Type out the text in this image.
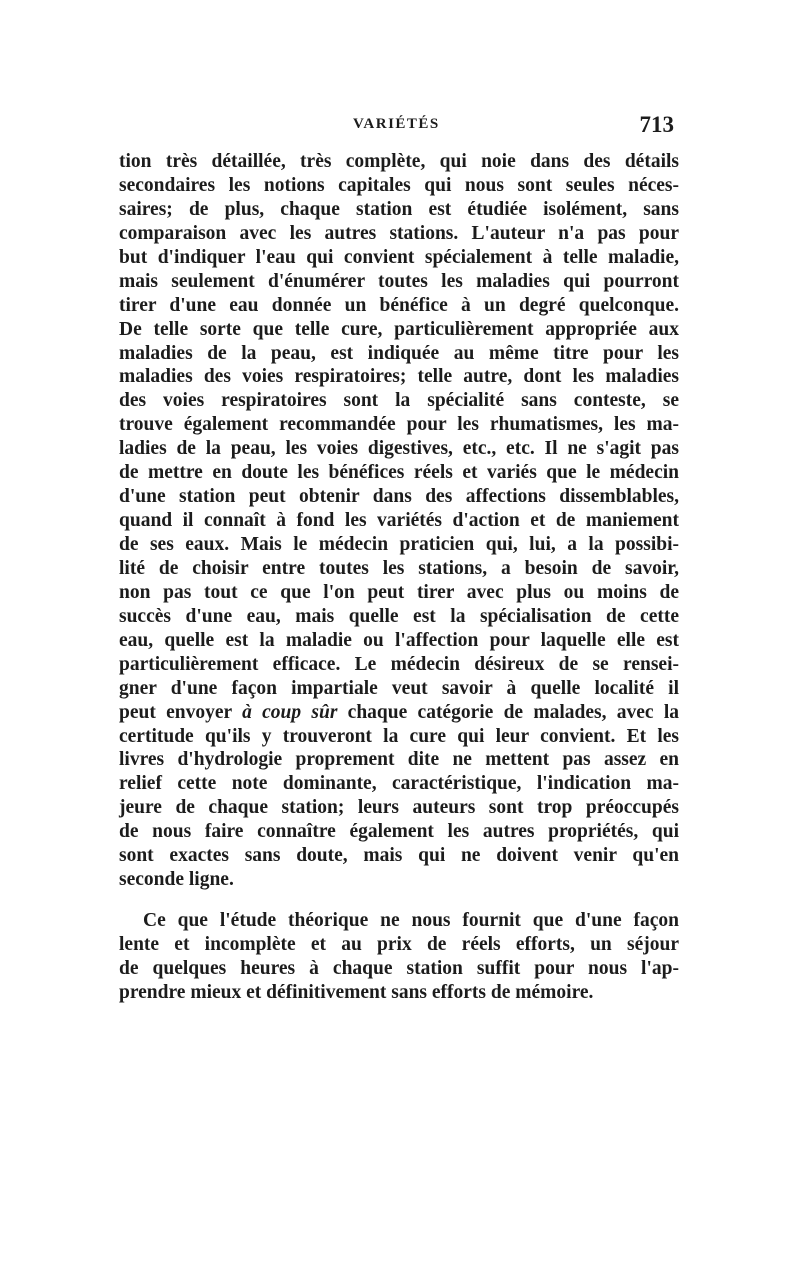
VARIÉTÉS	713
tion très détaillée, très complète, qui noie dans des détails
secondaires les notions capitales qui nous sont seules néces-
saires; de plus, chaque station est étudiée isolément, sans
comparaison avec les autres stations. L'auteur n'a pas pour
but d'indiquer l'eau qui convient spécialement à telle maladie,
mais seulement d'énumérer toutes les maladies qui pourront
tirer d'une eau donnée un bénéfice à un degré quelconque.
De telle sorte que telle cure, particulièrement appropriée aux
maladies de la peau, est indiquée au même titre pour les
maladies des voies respiratoires; telle autre, dont les maladies
des voies respiratoires sont la spécialité sans conteste, se
trouve également recommandée pour les rhumatismes, les ma-
ladies de la peau, les voies digestives, etc., etc. Il ne s'agit pas
de mettre en doute les bénéfices réels et variés que le médecin
d'une station peut obtenir dans des affections dissemblables,
quand il connaît à fond les variétés d'action et de maniement
de ses eaux. Mais le médecin praticien qui, lui, a la possibi-
lité de choisir entre toutes les stations, a besoin de savoir,
non pas tout ce que l'on peut tirer avec plus ou moins de
succès d'une eau, mais quelle est la spécialisation de cette
eau, quelle est la maladie ou l'affection pour laquelle elle est
particulièrement efficace. Le médecin désireux de se rensei-
gner d'une façon impartiale veut savoir à quelle localité il
peut envoyer à coup sûr chaque catégorie de malades, avec la
certitude qu'ils y trouveront la cure qui leur convient. Et les
livres d'hydrologie proprement dite ne mettent pas assez en
relief cette note dominante, caractéristique, l'indication ma-
jeure de chaque station; leurs auteurs sont trop préoccupés
de nous faire connaître également les autres propriétés, qui
sont exactes sans doute, mais qui ne doivent venir qu'en
seconde ligne.
Ce que l'étude théorique ne nous fournit que d'une façon
lente et incomplète et au prix de réels efforts, un séjour
de quelques heures à chaque station suffit pour nous l'ap-
prendre mieux et définitivement sans efforts de mémoire.
